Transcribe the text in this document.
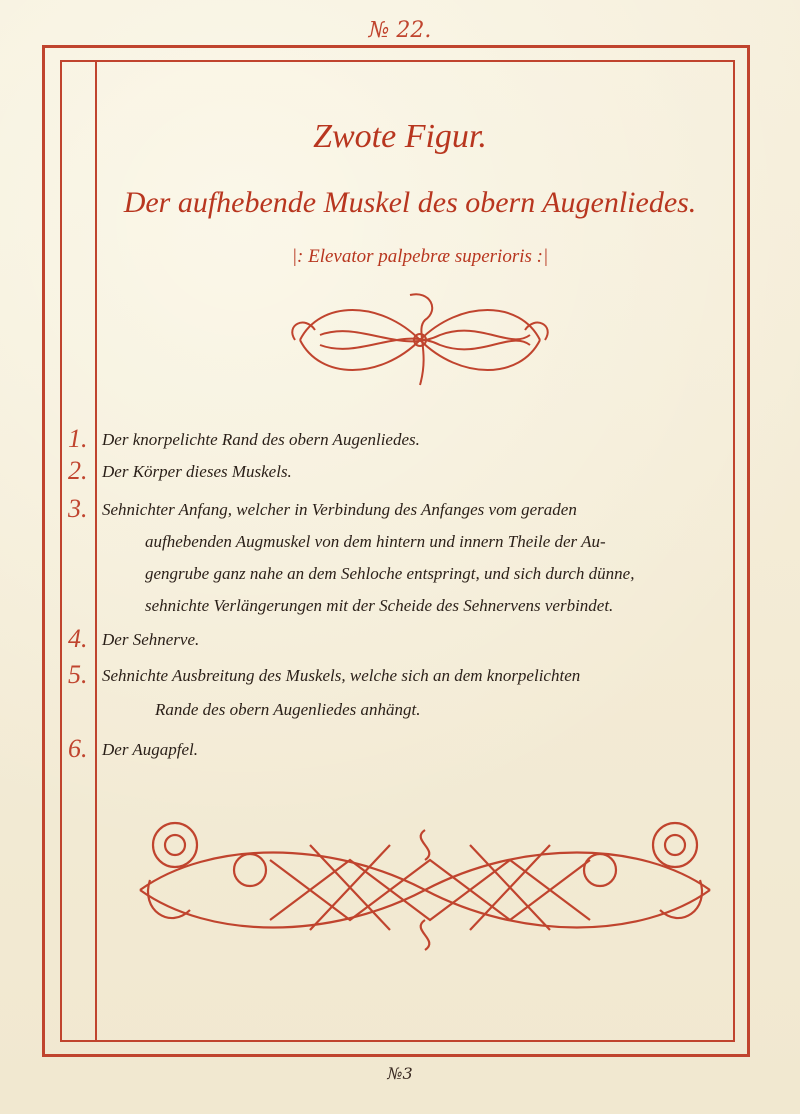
№ 22.
Zwote Figur.
Der aufhebende Muskel des obern Augenliedes.
|: Elevator palpebræ superioris :|
1. Der knorpelichte Rand des obern Augenliedes.
2. Der Körper dieses Muskels.
3. Sehnichter Anfang, welcher in Verbindung des Anfanges vom geraden
aufhebenden Augmuskel von dem hintern und innern Theile der Au-
gengrube ganz nahe an dem Sehloche entspringt, und sich durch dünne,
sehnichte Verlängerungen mit der Scheide des Sehnervens verbindet.
4. Der Sehnerve.
5. Sehnichte Ausbreitung des Muskels, welche sich an dem knorpelichten
Rande des obern Augenliedes anhängt.
6. Der Augapfel.
№3
